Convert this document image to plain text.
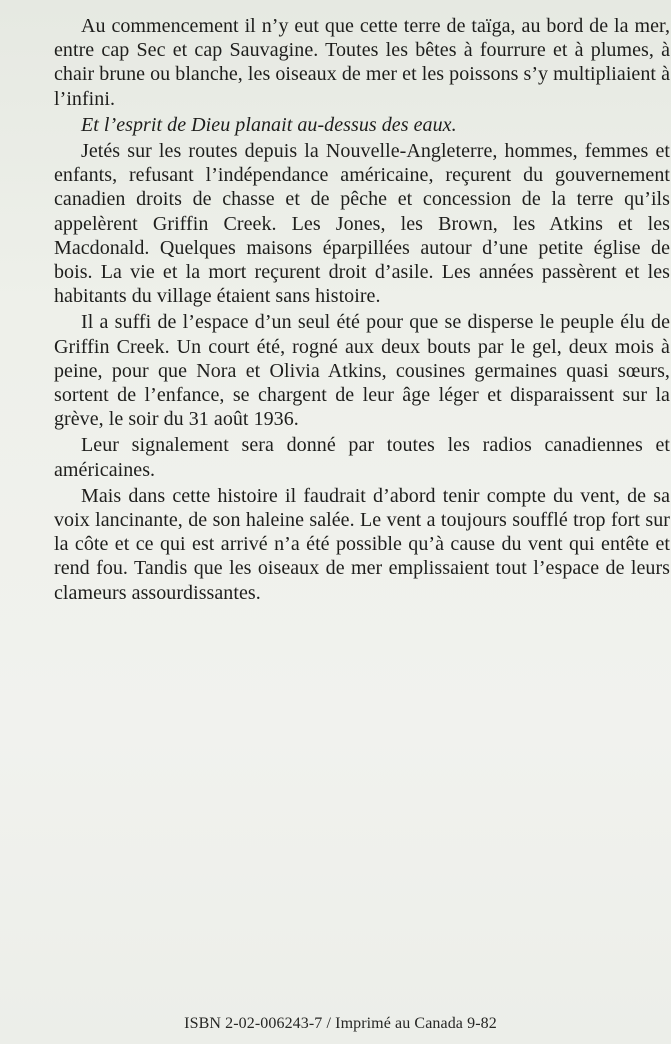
Au commencement il n’y eut que cette terre de taïga, au bord de la mer, entre cap Sec et cap Sauvagine. Toutes les bêtes à fourrure et à plumes, à chair brune ou blanche, les oiseaux de mer et les poissons s’y multipliaient à l’infini.

Et l’esprit de Dieu planait au-dessus des eaux.

Jetés sur les routes depuis la Nouvelle-Angleterre, hommes, femmes et enfants, refusant l’indépendance américaine, reçurent du gouvernement canadien droits de chasse et de pêche et concession de la terre qu’ils appelèrent Griffin Creek. Les Jones, les Brown, les Atkins et les Macdonald. Quelques maisons éparpillées autour d’une petite église de bois. La vie et la mort reçurent droit d’asile. Les années passèrent et les habitants du village étaient sans histoire.

Il a suffi de l’espace d’un seul été pour que se disperse le peuple élu de Griffin Creek. Un court été, rogné aux deux bouts par le gel, deux mois à peine, pour que Nora et Olivia Atkins, cousines germaines quasi sœurs, sortent de l’enfance, se chargent de leur âge léger et disparaissent sur la grève, le soir du 31 août 1936.

Leur signalement sera donné par toutes les radios canadiennes et américaines.

Mais dans cette histoire il faudrait d’abord tenir compte du vent, de sa voix lancinante, de son haleine salée. Le vent a toujours soufflé trop fort sur la côte et ce qui est arrivé n’a été possible qu’à cause du vent qui entête et rend fou. Tandis que les oiseaux de mer emplissaient tout l’espace de leurs clameurs assourdissantes.

ISBN 2-02-006243-7 / Imprimé au Canada 9-82
